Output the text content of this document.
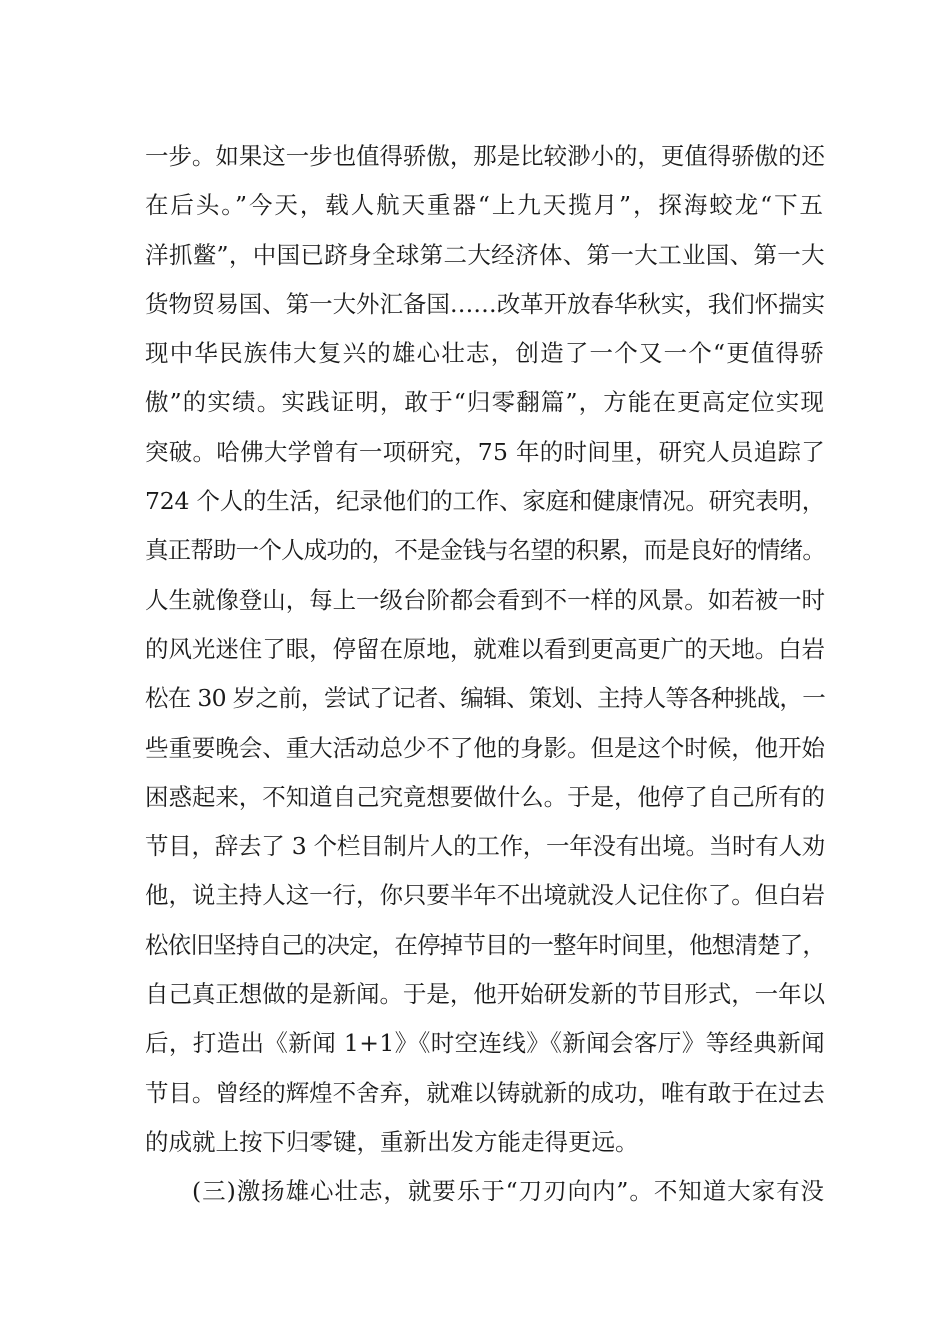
一步。如果这一步也值得骄傲，那是比较渺小的，更值得骄傲的还
在后头。”今天，载人航天重器“上九天揽月”，探海蛟龙“下五
洋抓鳖”，中国已跻身全球第二大经济体、第一大工业国、第一大
货物贸易国、第一大外汇备国……改革开放春华秋实，我们怀揣实
现中华民族伟大复兴的雄心壮志，创造了一个又一个“更值得骄
傲”的实绩。实践证明，敢于“归零翻篇”，方能在更高定位实现
突破。哈佛大学曾有一项研究，75 年的时间里，研究人员追踪了
724 个人的生活，纪录他们的工作、家庭和健康情况。研究表明，
真正帮助一个人成功的，不是金钱与名望的积累，而是良好的情绪。
人生就像登山，每上一级台阶都会看到不一样的风景。如若被一时
的风光迷住了眼，停留在原地，就难以看到更高更广的天地。白岩
松在 30 岁之前，尝试了记者、编辑、策划、主持人等各种挑战，一
些重要晚会、重大活动总少不了他的身影。但是这个时候，他开始
困惑起来，不知道自己究竟想要做什么。于是，他停了自己所有的
节目，辞去了 3 个栏目制片人的工作，一年没有出境。当时有人劝
他，说主持人这一行，你只要半年不出境就没人记住你了。但白岩
松依旧坚持自己的决定，在停掉节目的一整年时间里，他想清楚了，
自己真正想做的是新闻。于是，他开始研发新的节目形式，一年以
后，打造出《新闻 1+1》《时空连线》《新闻会客厅》等经典新闻
节目。曾经的辉煌不舍弃，就难以铸就新的成功，唯有敢于在过去
的成就上按下归零键，重新出发方能走得更远。
(三)激扬雄心壮志，就要乐于“刀刃向内”。不知道大家有没
